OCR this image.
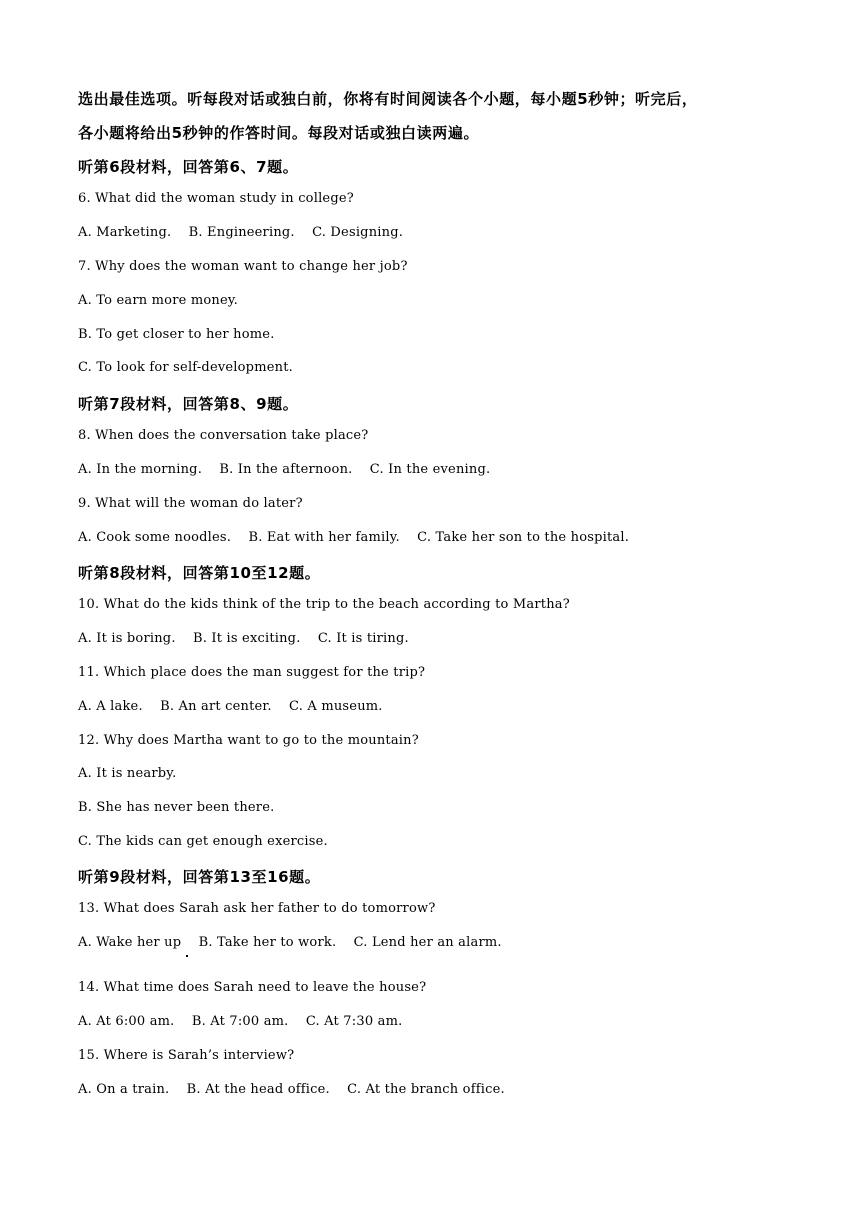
选出最佳选项。听每段对话或独白前，你将有时间阅读各个小题，每小题5秒钟；听完后，
各小题将给出5秒钟的作答时间。每段对话或独白读两遍。
听第6段材料，回答第6、7题。
6. What did the woman study in college?
A. Marketing.    B. Engineering.    C. Designing.
7. Why does the woman want to change her job?
A. To earn more money.
B. To get closer to her home.
C. To look for self-development.
听第7段材料，回答第8、9题。
8. When does the conversation take place?
A. In the morning.    B. In the afternoon.    C. In the evening.
9. What will the woman do later?
A. Cook some noodles.    B. Eat with her family.    C. Take her son to the hospital.
听第8段材料，回答第10至12题。
10. What do the kids think of the trip to the beach according to Martha?
A. It is boring.    B. It is exciting.    C. It is tiring.
11. Which place does the man suggest for the trip?
A. A lake.    B. An art center.    C. A museum.
12. Why does Martha want to go to the mountain?
A. It is nearby.
B. She has never been there.
C. The kids can get enough exercise.
听第9段材料，回答第13至16题。
13. What does Sarah ask her father to do tomorrow?
A. Wake her up    B. Take her to work.    C. Lend her an alarm.
14. What time does Sarah need to leave the house?
A. At 6:00 am.    B. At 7:00 am.    C. At 7:30 am.
15. Where is Sarah’s interview?
A. On a train.    B. At the head office.    C. At the branch office.
